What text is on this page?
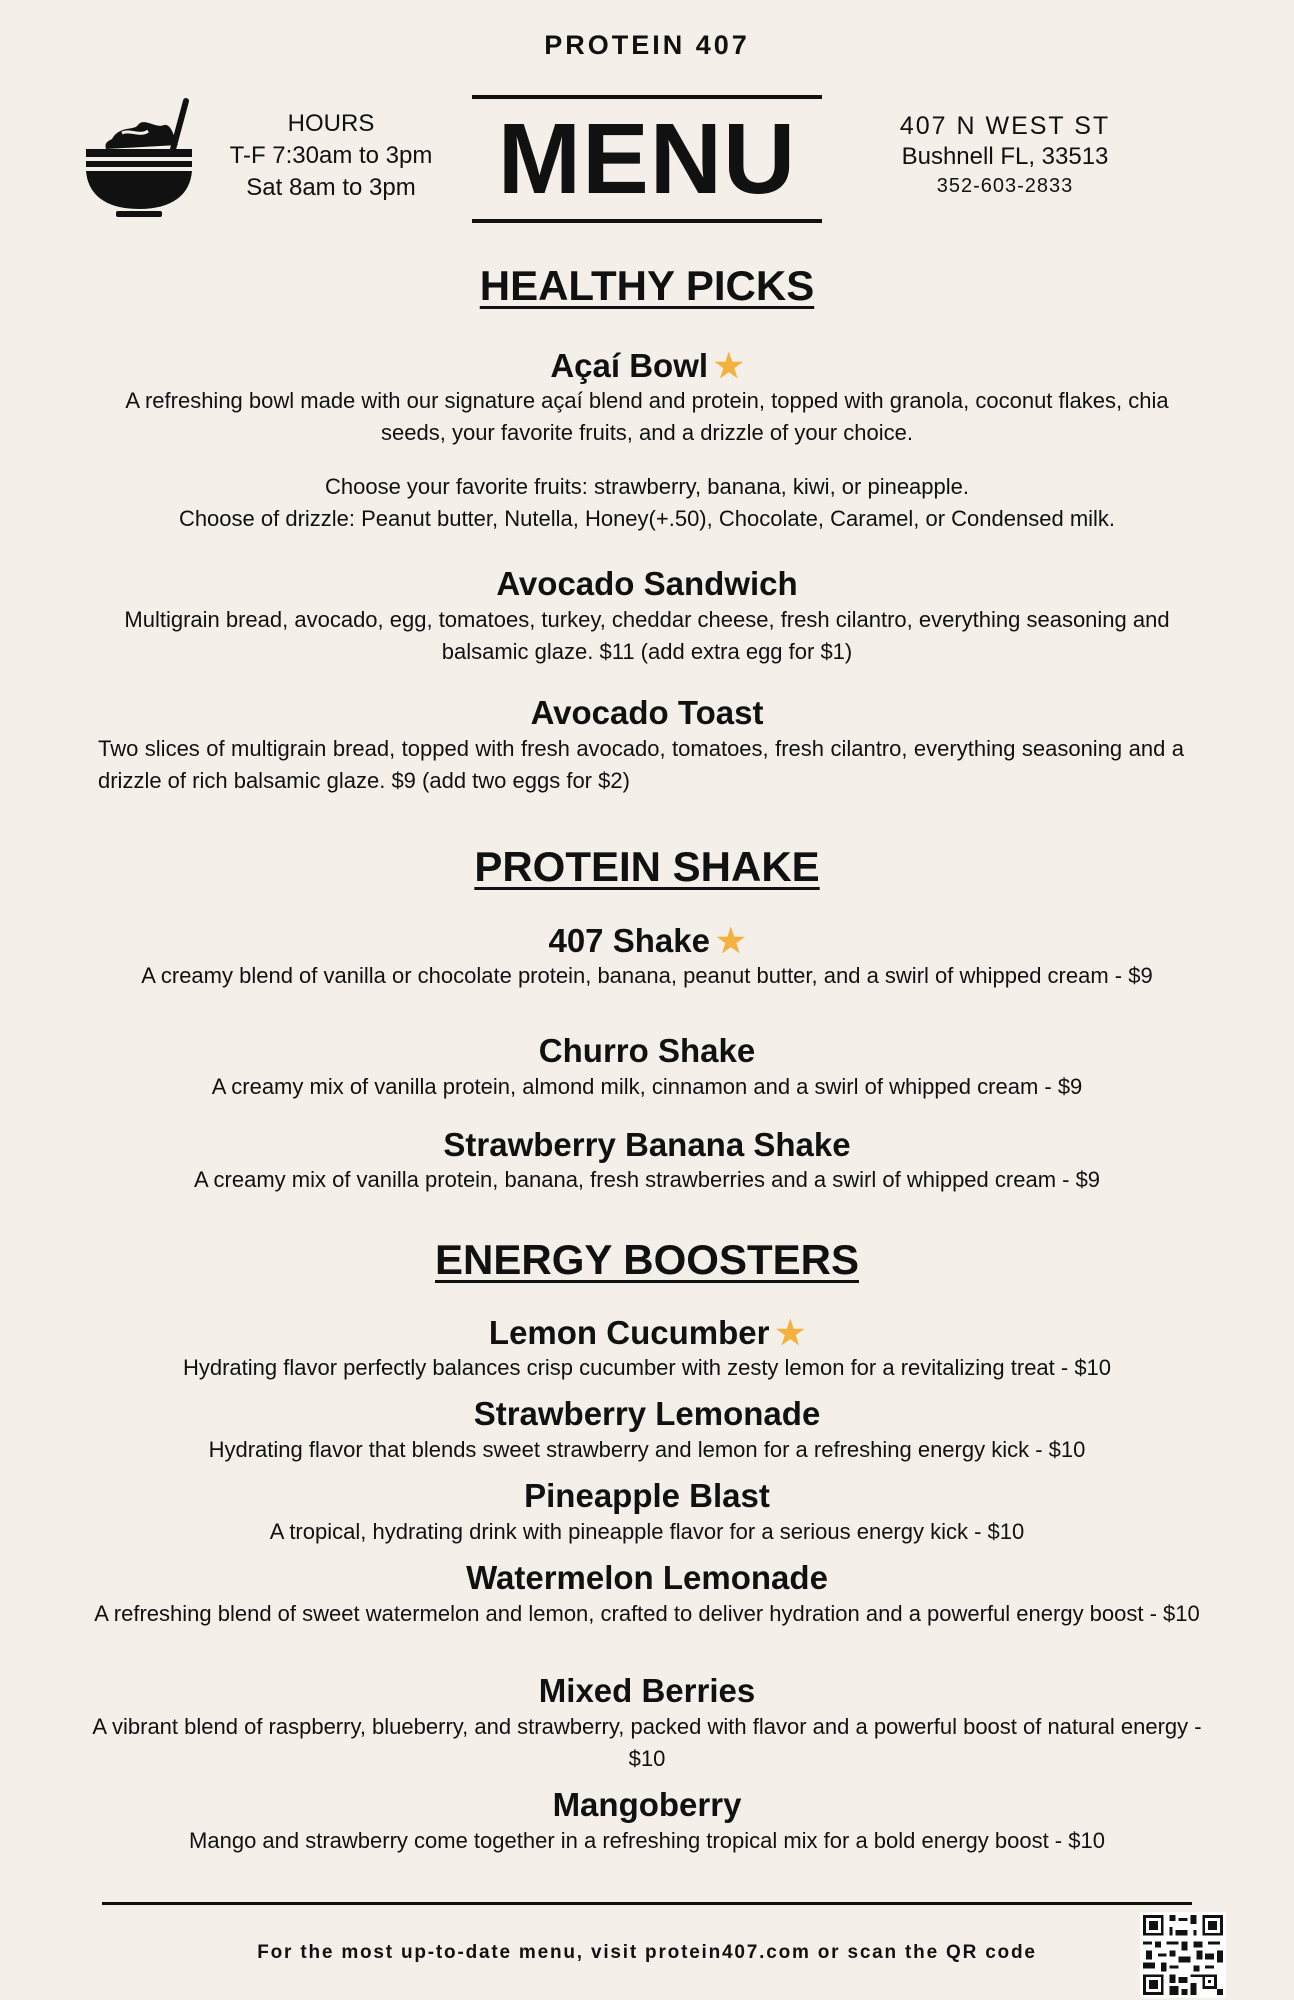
PROTEIN 407
HOURS
T-F 7:30am to 3pm
Sat 8am to 3pm MENU	407 N WEST ST
Bushnell FL, 33513
352-603-2833
HEALTHY PICKS
Açaí Bowl ★
A refreshing bowl made with our signature açaí blend and protein, topped with granola, coconut flakes, chia seeds, your favorite fruits, and a drizzle of your choice.
Choose your favorite fruits: strawberry, banana, kiwi, or pineapple.
Choose of drizzle: Peanut butter, Nutella, Honey(+.50), Chocolate, Caramel, or Condensed milk.
Avocado Sandwich
Multigrain bread, avocado, egg, tomatoes, turkey, cheddar cheese, fresh cilantro, everything seasoning and balsamic glaze. $11 (add extra egg for $1)
Avocado Toast
Two slices of multigrain bread, topped with fresh avocado, tomatoes, fresh cilantro, everything seasoning and a drizzle of rich balsamic glaze. $9 (add two eggs for $2)
PROTEIN SHAKE
407 Shake ★
A creamy blend of vanilla or chocolate protein, banana, peanut butter, and a swirl of whipped cream - $9
Churro Shake
A creamy mix of vanilla protein, almond milk, cinnamon and a swirl of whipped cream - $9
Strawberry Banana Shake
A creamy mix of vanilla protein, banana, fresh strawberries and a swirl of whipped cream - $9
ENERGY BOOSTERS
Lemon Cucumber ★
Hydrating flavor perfectly balances crisp cucumber with zesty lemon for a revitalizing treat - $10
Strawberry Lemonade
Hydrating flavor that blends sweet strawberry and lemon for a refreshing energy kick - $10
Pineapple Blast
A tropical, hydrating drink with pineapple flavor for a serious energy kick - $10
Watermelon Lemonade
A refreshing blend of sweet watermelon and lemon, crafted to deliver hydration and a powerful energy boost - $10
Mixed Berries
A vibrant blend of raspberry, blueberry, and strawberry, packed with flavor and a powerful boost of natural energy - $10
Mangoberry
Mango and strawberry come together in a refreshing tropical mix for a bold energy boost - $10
For the most up-to-date menu, visit protein407.com or scan the QR code
